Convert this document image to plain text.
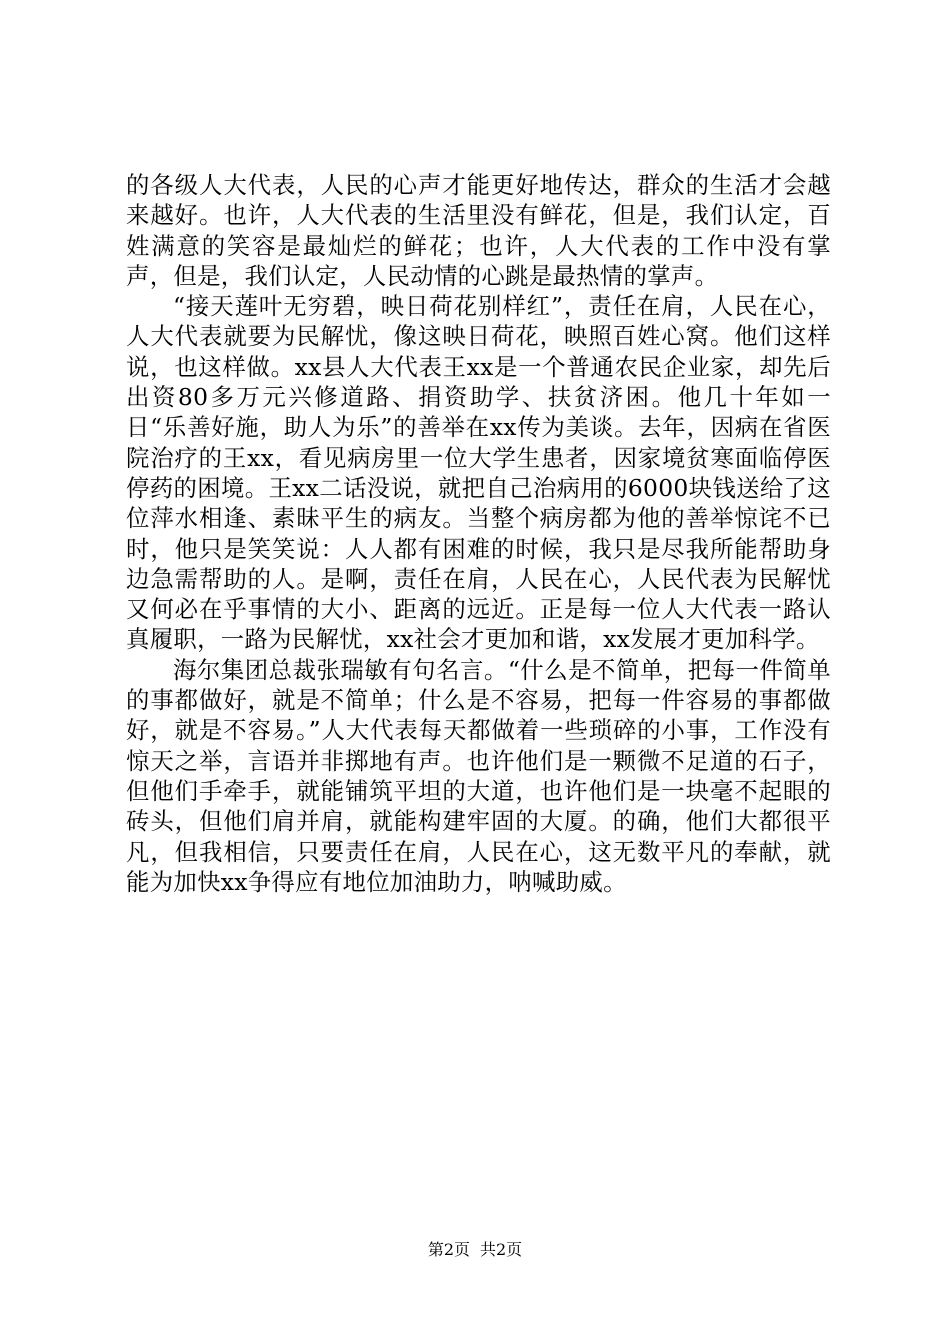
的各级人大代表，人民的心声才能更好地传达，群众的生活才会越来越好。也许，人大代表的生活里没有鲜花，但是，我们认定，百姓满意的笑容是最灿烂的鲜花；也许，人大代表的工作中没有掌声，但是，我们认定，人民动情的心跳是最热情的掌声。

“接天莲叶无穷碧，映日荷花别样红”，责任在肩，人民在心，人大代表就要为民解忧，像这映日荷花，映照百姓心窝。他们这样说，也这样做。xx县人大代表王xx是一个普通农民企业家，却先后出资80多万元兴修道路、捐资助学、扶贫济困。他几十年如一日“乐善好施，助人为乐”的善举在xx传为美谈。去年，因病在省医院治疗的王xx，看见病房里一位大学生患者，因家境贫寒面临停医停药的困境。王xx二话没说，就把自己治病用的6000块钱送给了这位萍水相逢、素昧平生的病友。当整个病房都为他的善举惊诧不已时，他只是笑笑说：人人都有困难的时候，我只是尽我所能帮助身边急需帮助的人。是啊，责任在肩，人民在心，人民代表为民解忧又何必在乎事情的大小、距离的远近。正是每一位人大代表一路认真履职，一路为民解忧，xx社会才更加和谐，xx发展才更加科学。

海尔集团总裁张瑞敏有句名言。“什么是不简单，把每一件简单的事都做好，就是不简单；什么是不容易，把每一件容易的事都做好，就是不容易。”人大代表每天都做着一些琐碎的小事，工作没有惊天之举，言语并非掷地有声。也许他们是一颗微不足道的石子，但他们手牵手，就能铺筑平坦的大道，也许他们是一块毫不起眼的砖头，但他们肩并肩，就能构建牢固的大厦。的确，他们大都很平凡，但我相信，只要责任在肩，人民在心，这无数平凡的奉献，就能为加快xx争得应有地位加油助力，呐喊助威。

第2页 共2页
